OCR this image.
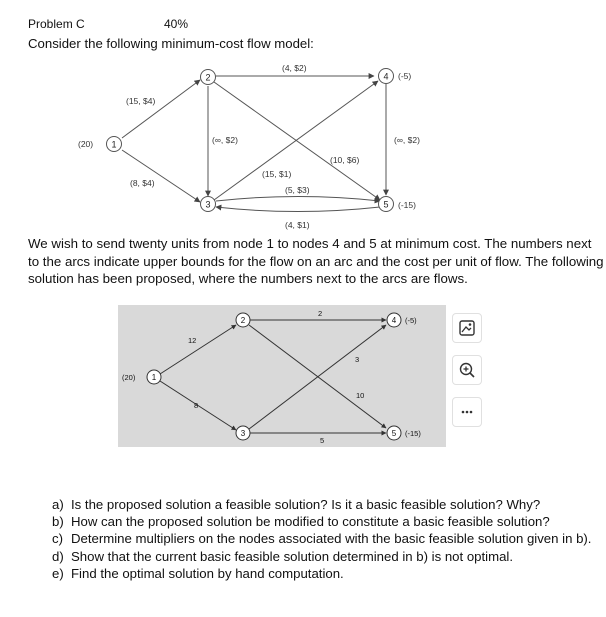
Problem C	40%
Consider the following minimum-cost flow model:
1
2
3
4
5
(20)
(-5)
(-15)
(15, $4)
(8, $4)
(∞, $2)
(4, $2)
(15, $1)
(10, $6)
(5, $3)
(4, $1)
(∞, $2)
We wish to send twenty units from node 1 to nodes 4 and 5 at minimum cost. The numbers next to the arcs indicate upper bounds for the flow on an arc and the cost per unit of flow. The following solution has been proposed, where the numbers next to the arcs are flows.
1
2
3
4
5
(20)
(-5)
(-15)
12
8
2
10
3
5
a) Is the proposed solution a feasible solution? Is it a basic feasible solution? Why?
b) How can the proposed solution be modified to constitute a basic feasible solution?
c) Determine multipliers on the nodes associated with the basic feasible solution given in b).
d) Show that the current basic feasible solution determined in b) is not optimal.
e) Find the optimal solution by hand computation.
